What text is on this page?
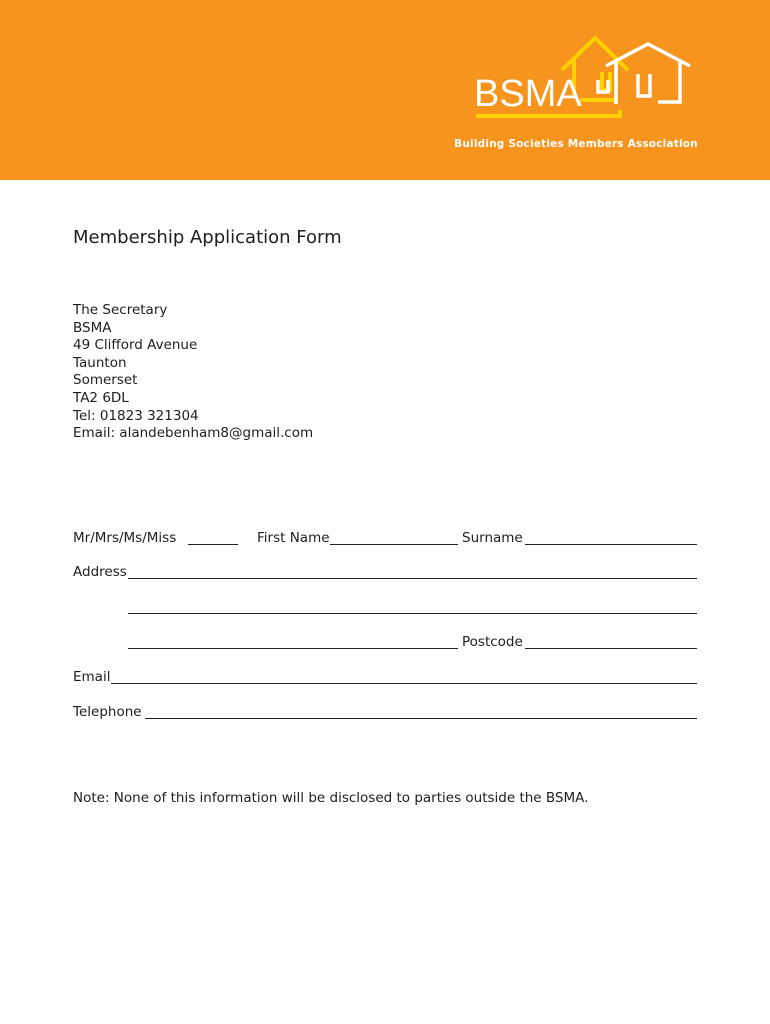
BSMA
Building Societies Members Association
Membership Application Form
The Secretary
BSMA
49 Clifford Avenue
Taunton
Somerset
TA2 6DL
Tel: 01823 321304
Email: alandebenham8@gmail.com
Mr/Mrs/Ms/Miss	First Name	Surname
Address
Postcode
Email
Telephone
Note: None of this information will be disclosed to parties outside the BSMA.
